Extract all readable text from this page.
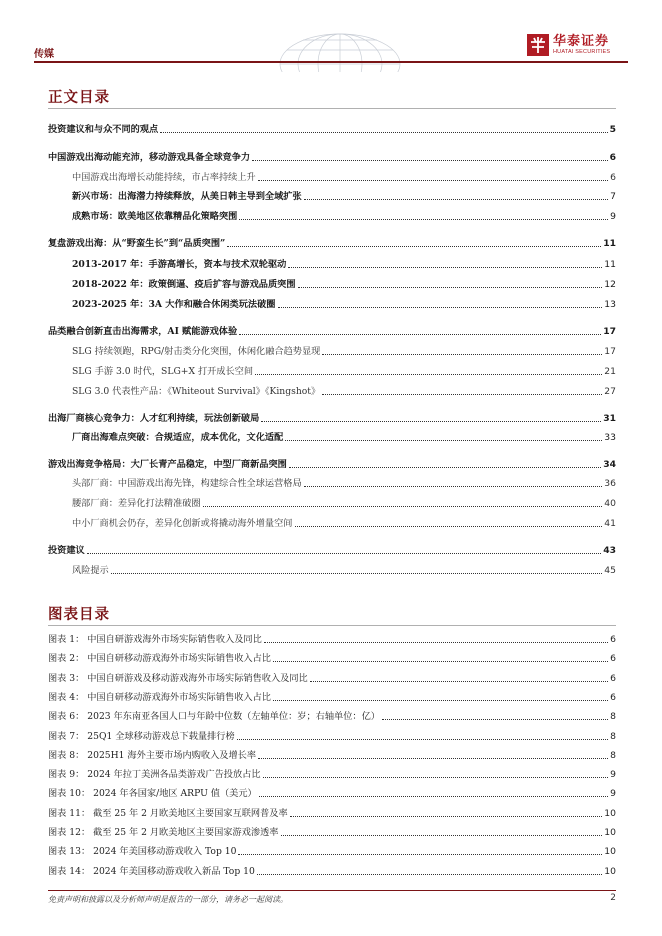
传媒
华泰证券
HUATAI SECURITIES
正文目录
投资建议和与众不同的观点	5
中国游戏出海动能充沛，移动游戏具备全球竞争力	6
中国游戏出海增长动能持续，市占率持续上升	6
新兴市场：出海潜力持续释放，从美日韩主导到全域扩张	7
成熟市场：欧美地区依靠精品化策略突围	9
复盘游戏出海：从“野蛮生长”到“品质突围”	11
2013-2017 年：手游高增长，资本与技术双轮驱动	11
2018-2022 年：政策倒逼、疫后扩容与游戏品质突围	12
2023-2025 年：3A 大作和融合休闲类玩法破圈	13
品类融合创新直击出海需求，AI 赋能游戏体验	17
SLG 持续领跑，RPG/射击类分化突围，休闲化融合趋势显现	17
SLG 手游 3.0 时代，SLG+X 打开成长空间	21
SLG 3.0 代表性产品：《Whiteout Survival》《Kingshot》	27
出海厂商核心竞争力：人才红利持续，玩法创新破局	31
厂商出海难点突破：合规适应，成本优化，文化适配	33
游戏出海竞争格局：大厂长青产品稳定，中型厂商新品突围	34
头部厂商：中国游戏出海先锋，构建综合性全球运营格局	36
腰部厂商：差异化打法精准破圈	40
中小厂商机会仍存，差异化创新或将撬动海外增量空间	41
投资建议	43
风险提示	45
图表目录
图表 1： 中国自研游戏海外市场实际销售收入及同比	6
图表 2： 中国自研移动游戏海外市场实际销售收入占比	6
图表 3： 中国自研游戏及移动游戏海外市场实际销售收入及同比	6
图表 4： 中国自研移动游戏海外市场实际销售收入占比	6
图表 6： 2023 年东南亚各国人口与年龄中位数（左轴单位：岁；右轴单位：亿）	8
图表 7： 25Q1 全球移动游戏总下载量排行榜	8
图表 8： 2025H1 海外主要市场内购收入及增长率	8
图表 9： 2024 年拉丁美洲各品类游戏广告投放占比	9
图表 10： 2024 年各国家/地区 ARPU 值（美元）	9
图表 11： 截至 25 年 2 月欧美地区主要国家互联网普及率	10
图表 12： 截至 25 年 2 月欧美地区主要国家游戏渗透率	10
图表 13： 2024 年美国移动游戏收入 Top 10	10
图表 14： 2024 年美国移动游戏收入新品 Top 10	10
免责声明和披露以及分析师声明是报告的一部分，请务必一起阅读。	2
